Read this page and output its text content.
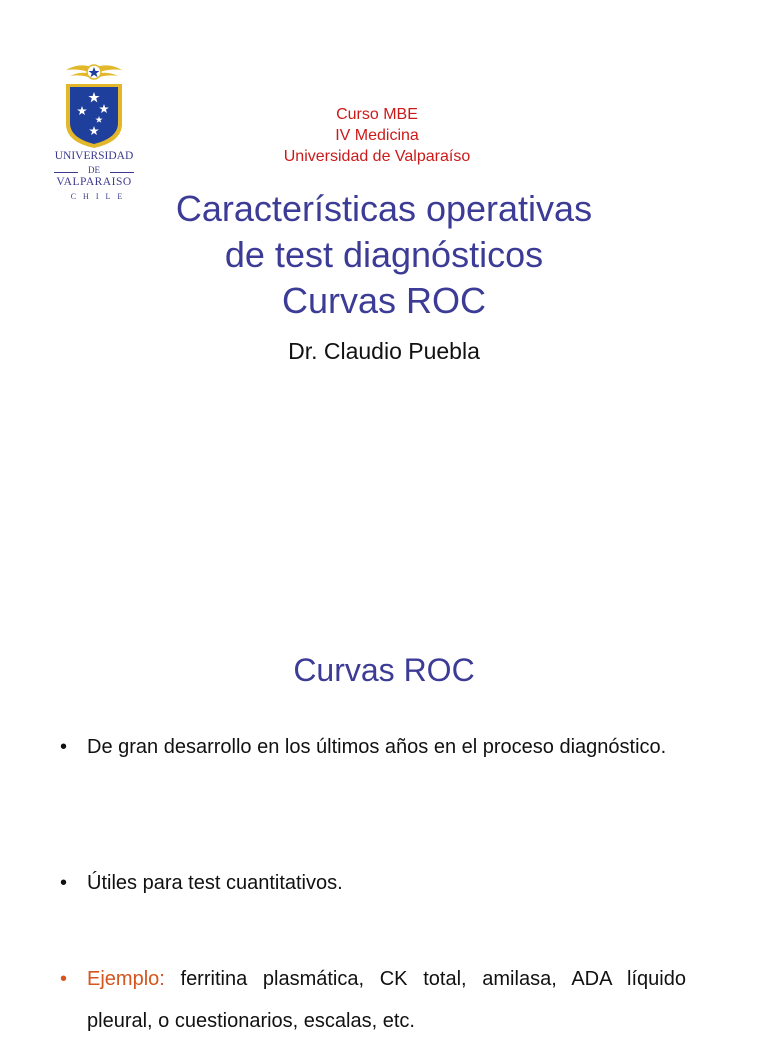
UNIVERSIDAD
DE
VALPARAISO
CHILE
Curso MBE
IV Medicina
Universidad de Valparaíso
Características operativas
de test diagnósticos
Curvas ROC
Dr. Claudio Puebla
Curvas ROC
• De gran desarrollo en los últimos años en el proceso diagnóstico.
• Útiles para test cuantitativos.
• Ejemplo: ferritina plasmática, CK total, amilasa, ADA líquido pleural, o cuestionarios, escalas, etc.
